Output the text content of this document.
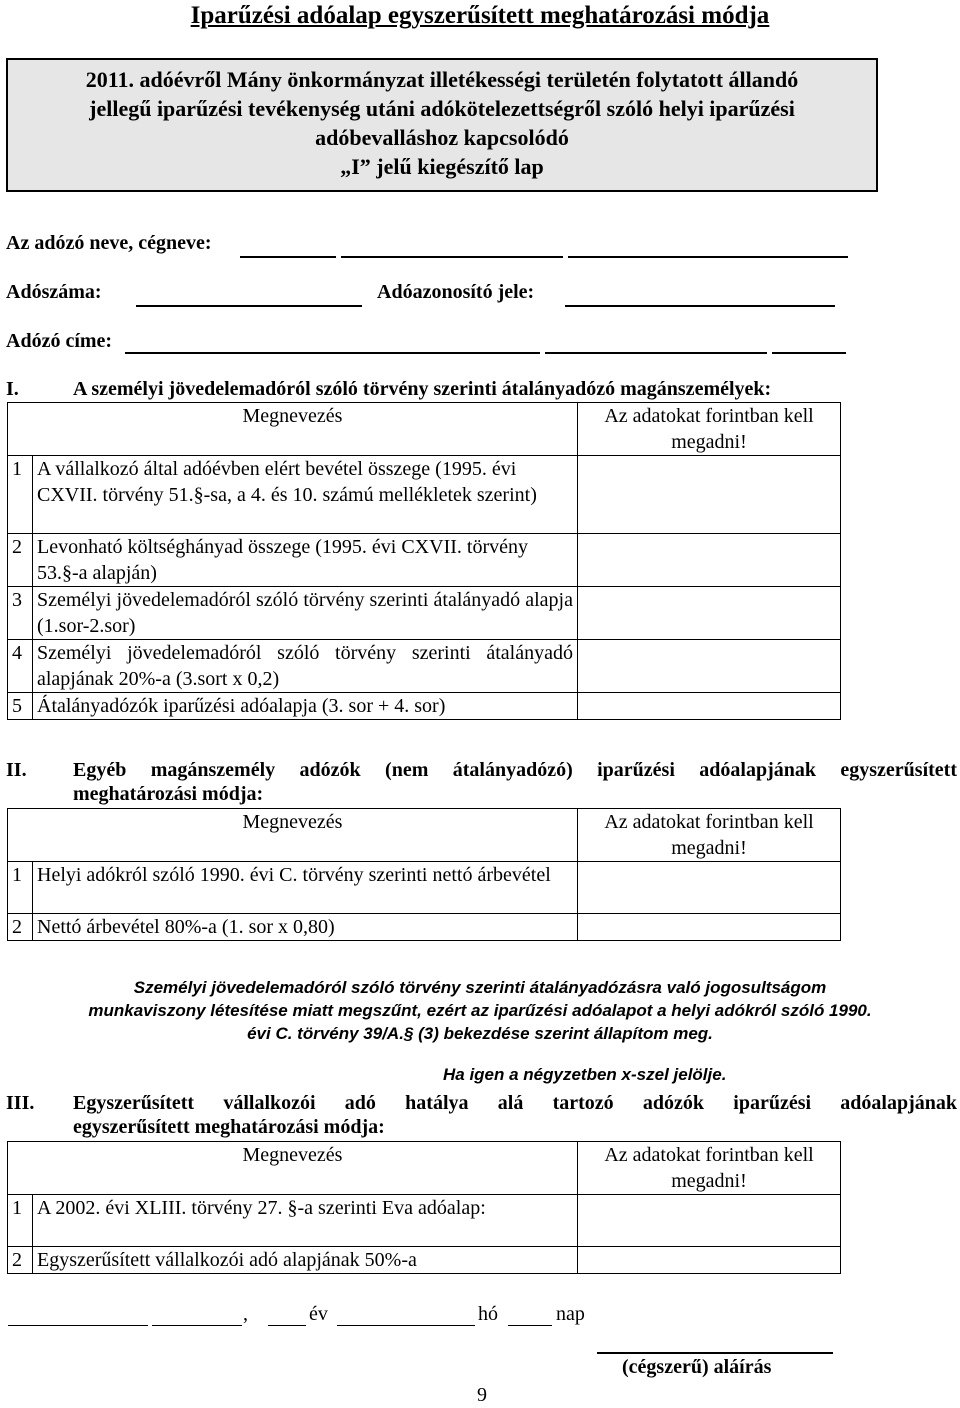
Iparűzési adóalap egyszerűsített meghatározási módja
2011. adóévről Mány önkormányzat illetékességi területén folytatott állandó
jellegű iparűzési tevékenység utáni adókötelezettségről szóló helyi iparűzési
adóbevalláshoz kapcsolódó
„I” jelű kiegészítő lap
Az adózó neve, cégneve:
Adószáma:	Adóazonosító jele:
Adózó címe:
I.	A személyi jövedelemadóról szóló törvény szerinti átalányadózó magánszemélyek:
Megnevezés		Az adatokat forintban kell megadni!
1	A vállalkozó által adóévben elért bevétel összege (1995. évi CXVII. törvény 51.§-sa, a 4. és 10. számú mellékletek szerint)	
2	Levonható költséghányad összege (1995. évi CXVII. törvény 53.§-a alapján)	
3	Személyi jövedelemadóról szóló törvény szerinti átalányadó alapja (1.sor-2.sor)	
4	Személyi jövedelemadóról szóló törvény szerinti átalányadó alapjának 20%-a (3.sort x 0,2)	
5	Átalányadózók iparűzési adóalapja (3. sor + 4. sor)	
II. Egyéb magánszemély adózók (nem átalányadózó) iparűzési adóalapjának egyszerűsített
meghatározási módja:
Megnevezés		Az adatokat forintban kell megadni!
1	Helyi adókról szóló 1990. évi C. törvény szerinti nettó árbevétel	
2	Nettó árbevétel 80%-a (1. sor x 0,80)	
Személyi jövedelemadóról szóló törvény szerinti átalányadózásra való jogosultságom
munkaviszony létesítése miatt megszűnt, ezért az iparűzési adóalapot a helyi adókról szóló 1990.
évi C. törvény 39/A.§ (3) bekezdése szerint állapítom meg.
Ha igen a négyzetben x-szel jelölje.
III. Egyszerűsített vállalkozói adó hatálya alá tartozó adózók iparűzési adóalapjának
egyszerűsített meghatározási módja:
Megnevezés		Az adatokat forintban kell megadni!
1	A 2002. évi XLIII. törvény 27. §-a szerinti Eva adóalap:	
2	Egyszerűsített vállalkozói adó alapjának 50%-a	
,	év	hó	nap
(cégszerű) aláírás
9
